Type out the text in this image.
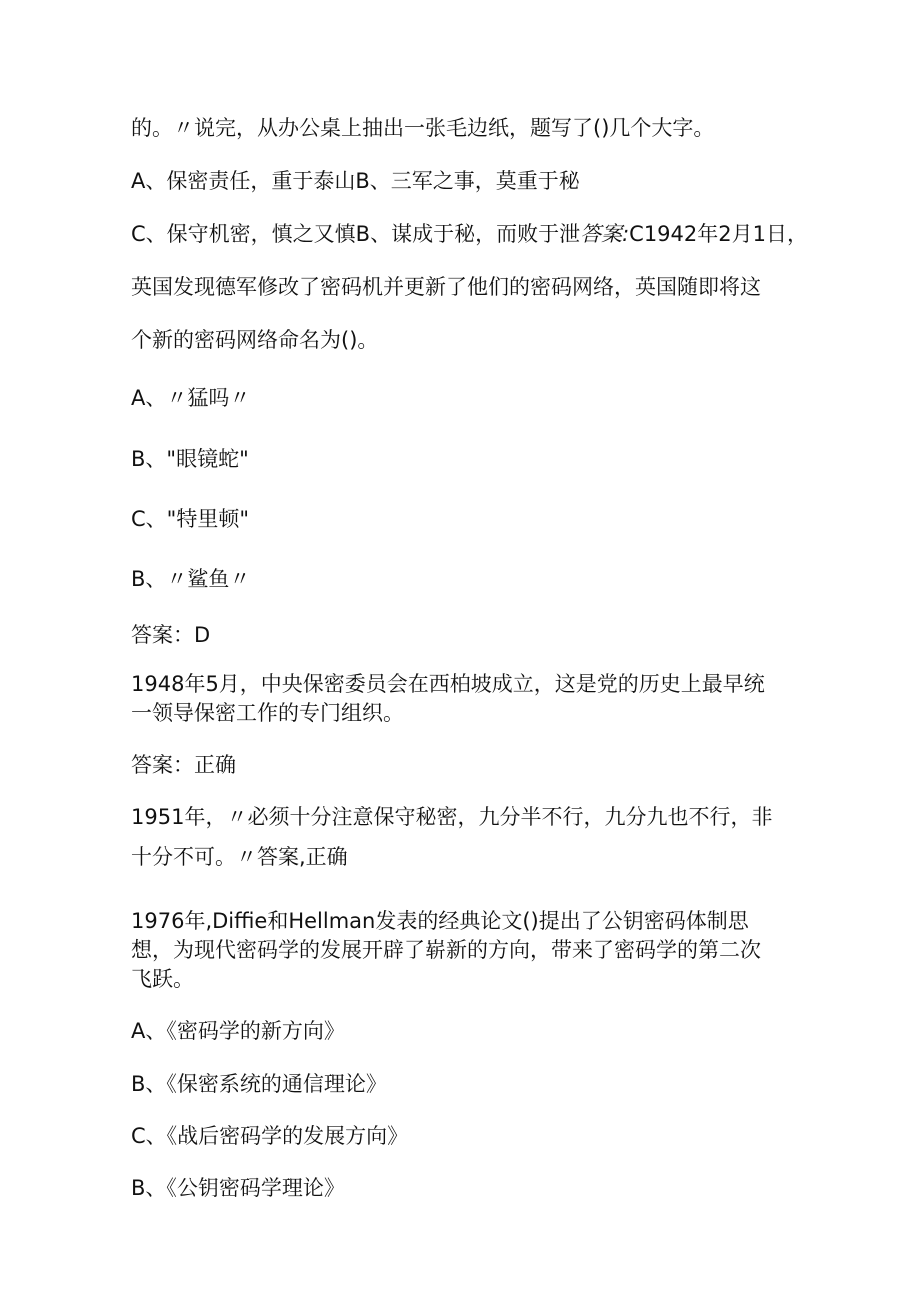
的。〃说完，从办公桌上抽出一张毛边纸，题写了()几个大字。

A、保密责任，重于泰山B、三军之事，莫重于秘

C、保守机密，慎之又慎B、谋成于秘，而败于泄答案:C1942年2月1日，

英国发现德军修改了密码机并更新了他们的密码网络，英国随即将这

个新的密码网络命名为()。

A、〃猛吗〃

B、"眼镜蛇"

C、"特里顿"

B、〃鲨鱼〃

答案：D

1948年5月，中央保密委员会在西柏坡成立，这是党的历史上最早统

一领导保密工作的专门组织。

答案：正确

1951年，〃必须十分注意保守秘密，九分半不行，九分九也不行，非

十分不可。〃答案,正确

1976年,Diffie和Hellman发表的经典论文()提出了公钥密码体制思

想，为现代密码学的发展开辟了崭新的方向，带来了密码学的第二次

飞跃。

A、《密码学的新方向》

B、《保密系统的通信理论》

C、《战后密码学的发展方向》

B、《公钥密码学理论》
